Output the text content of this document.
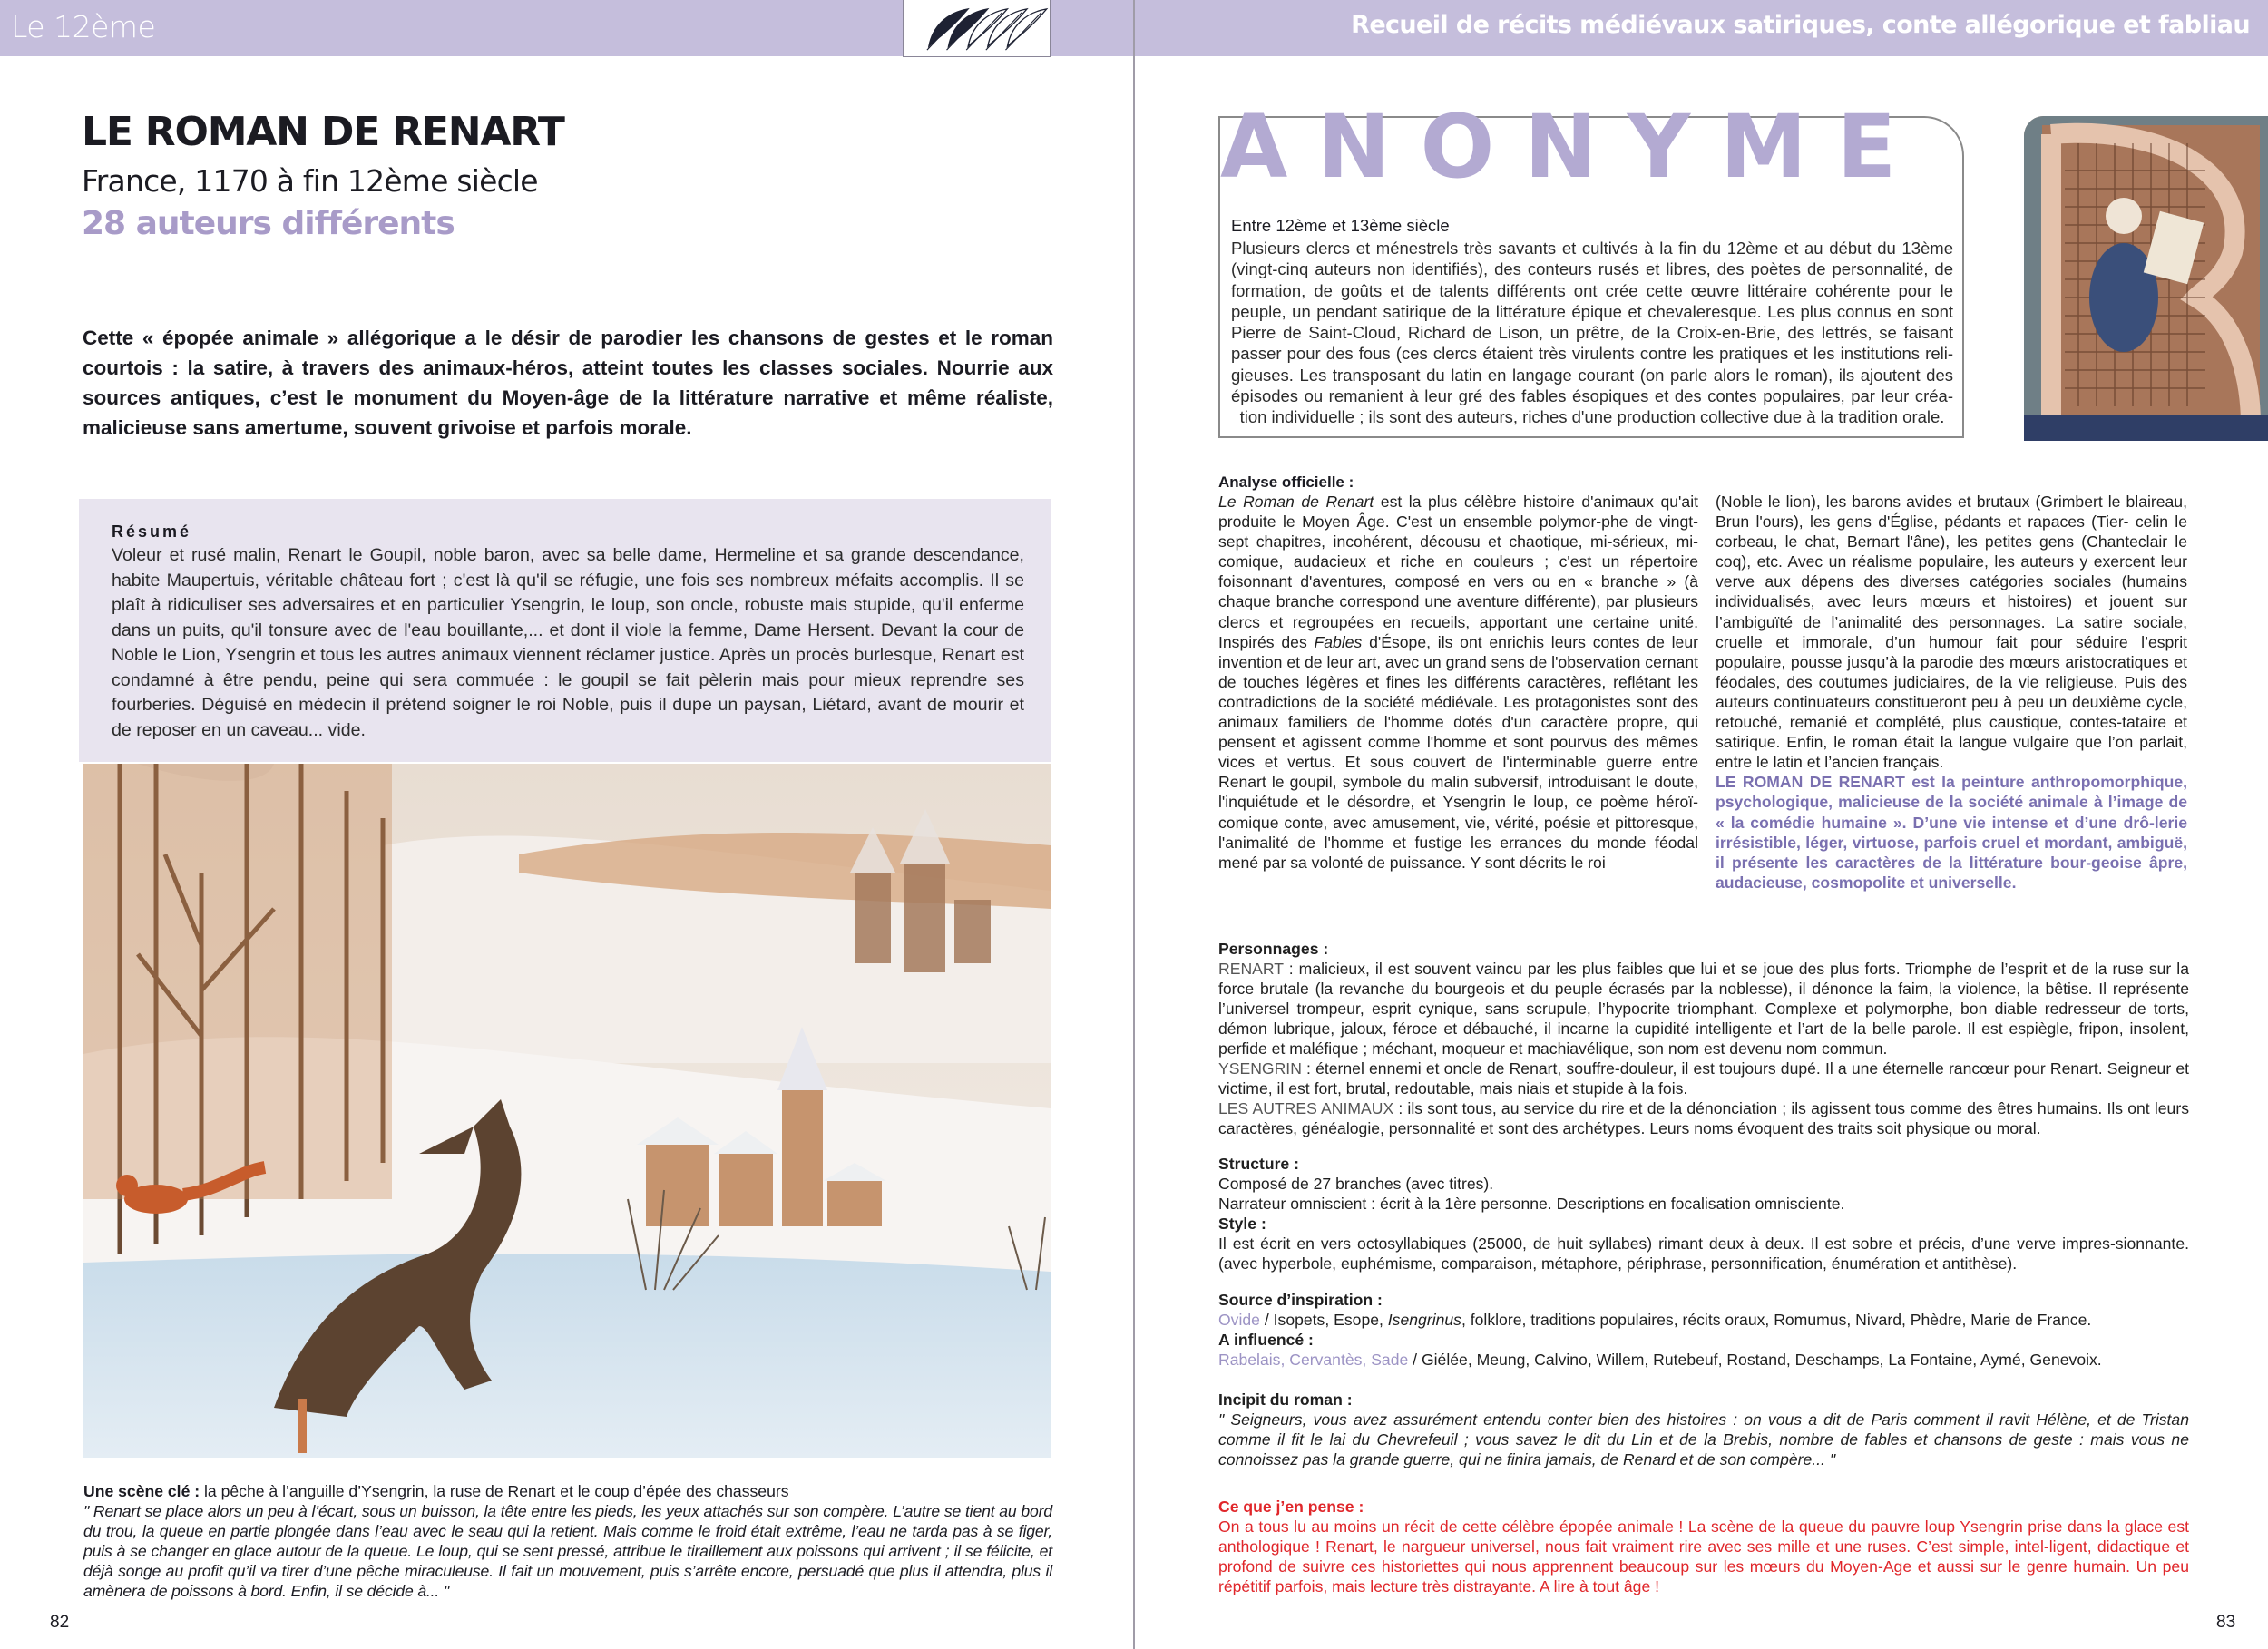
Le 12ème	Recueil de récits médiévaux satiriques, conte allégorique et fabliau
LE ROMAN DE RENART
France, 1170 à fin 12ème siècle
28 auteurs différents

Cette « épopée animale » allégorique a le désir de parodier les chansons de gestes et le roman courtois : la satire, à travers des animaux-héros, atteint toutes les classes sociales. Nourrie aux sources antiques, c’est le monument du Moyen-âge de la littérature narrative et même réaliste, malicieuse sans amertume, souvent grivoise et parfois morale.

Résumé

Voleur et rusé malin, Renart le Goupil, noble baron, avec sa belle dame, Hermeline et sa grande descendance, habite Maupertuis, véritable château fort ; c'est là qu'il se réfugie, une fois ses nombreux méfaits accomplis. Il se plaît à ridiculiser ses adversaires et en particulier Ysengrin, le loup, son oncle, robuste mais stupide, qu'il enferme dans un puits, qu'il tonsure avec de l'eau bouillante,... et dont il viole la femme, Dame Hersent. Devant la cour de Noble le Lion, Ysengrin et tous les autres animaux viennent réclamer justice. Après un procès burlesque, Renart est condamné à être pendu, peine qui sera commuée : le goupil se fait pèlerin mais pour mieux reprendre ses fourberies. Déguisé en médecin il prétend soigner le roi Noble, puis il dupe un paysan, Liétard, avant de mourir et de reposer en un caveau... vide.

Une scène clé : la pêche à l’anguille d’Ysengrin, la ruse de Renart et le coup d’épée des chasseurs
" Renart se place alors un peu à l’écart, sous un buisson, la tête entre les pieds, les yeux attachés sur son compère. L’autre se tient au bord du trou, la queue en partie plongée dans l’eau avec le seau qui la retient. Mais comme le froid était extrême, l’eau ne tarda pas à se figer, puis à se changer en glace autour de la queue. Le loup, qui se sent pressé, attribue le tiraillement aux poissons qui arrivent ; il se félicite, et déjà songe au profit qu’il va tirer d’une pêche miraculeuse. Il fait un mouvement, puis s’arrête encore, persuadé que plus il attendra, plus il amènera de poissons à bord. Enfin, il se décide à... "
82
ANONYME
Entre 12ème et 13ème siècle

Plusieurs clercs et ménestrels très savants et cultivés à la fin du 12ème et au début du 13ème (vingt-cinq auteurs non identifiés), des conteurs rusés et libres, des poètes de personnalité, de formation, de goûts et de talents différents ont crée cette œuvre littéraire cohérente pour le peuple, un pendant satirique de la littérature épique et chevaleresque. Les plus connus en sont Pierre de Saint-Cloud, Richard de Lison, un prêtre, de la Croix-en-Brie, des lettrés, se faisant passer pour des fous (ces clercs étaient très virulents contre les pratiques et les institutions reli-gieuses. Les transposant du latin en langage courant (on parle alors le roman), ils ajoutent des épisodes ou remanient à leur gré des fables ésopiques et des contes populaires, par leur créa-tion individuelle ; ils sont des auteurs, riches d'une production collective due à la tradition orale.

Analyse officielle :

Le Roman de Renart est la plus célèbre histoire d'animaux qu'ait produite le Moyen Âge. C'est un ensemble polymor-phe de vingt-sept chapitres, incohérent, décousu et chaotique, mi-sérieux, mi-comique, audacieux et riche en couleurs ; c'est un répertoire foisonnant d'aventures, composé en vers ou en « branche » (à chaque branche correspond une aventure différente), par plusieurs clercs et regroupées en recueils, apportant une certaine unité. Inspirés des Fables d'Ésope, ils ont enrichis leurs contes de leur invention et de leur art, avec un grand sens de l'observation cernant de touches légères et fines les différents caractères, reflétant les contradictions de la société médiévale. Les protagonistes sont des animaux familiers de l'homme dotés d'un caractère propre, qui pensent et agissent comme l'homme et sont pourvus des mêmes vices et vertus. Et sous couvert de l'interminable guerre entre Renart le goupil, symbole du malin subversif, introduisant le doute, l'inquiétude et le désordre, et Ysengrin le loup, ce poème héroï-comique conte, avec amusement, vie, vérité, poésie et pittoresque, l'animalité de l'homme et fustige les errances du monde féodal mené par sa volonté de puissance. Y sont décrits le roi

(Noble le lion), les barons avides et brutaux (Grimbert le blaireau, Brun l'ours), les gens d'Église, pédants et rapaces (Tier- celin le corbeau, le chat, Bernart l'âne), les petites gens (Chanteclair le coq), etc. Avec un réalisme populaire, les auteurs y exercent leur verve aux dépens des diverses catégories sociales (humains individualisés, avec leurs mœurs et histoires) et jouent sur l’ambiguïté de l’animalité des personnages. La satire sociale, cruelle et immorale, d’un humour fait pour séduire l’esprit populaire, pousse jusqu’à la parodie des mœurs aristocratiques et féodales, des coutumes judiciaires, de la vie religieuse. Puis des auteurs continuateurs constitueront peu à peu un deuxième cycle, retouché, remanié et complété, plus caustique, contes-tataire et satirique. Enfin, le roman était la langue vulgaire que l’on parlait, entre le latin et l’ancien français.
LE ROMAN DE RENART est la peinture anthropomorphique, psychologique, malicieuse de la société animale à l’image de « la comédie humaine ». D’une vie intense et d’une drô-lerie irrésistible, léger, virtuose, parfois cruel et mordant, ambiguë, il présente les caractères de la littérature bour-geoise âpre, audacieuse, cosmopolite et universelle.

Personnages :
RENART : malicieux, il est souvent vaincu par les plus faibles que lui et se joue des plus forts. Triomphe de l’esprit et de la ruse sur la force brutale (la revanche du bourgeois et du peuple écrasés par la noblesse), il dénonce la faim, la violence, la bêtise. Il représente l’universel trompeur, esprit cynique, sans scrupule, l’hypocrite triomphant. Complexe et polymorphe, bon diable redresseur de torts, démon lubrique, jaloux, féroce et débauché, il incarne la cupidité intelligente et l’art de la belle parole. Il est espiègle, fripon, insolent, perfide et maléfique ; méchant, moqueur et machiavélique, son nom est devenu nom commun.
YSENGRIN : éternel ennemi et oncle de Renart, souffre-douleur, il est toujours dupé. Il a une éternelle rancœur pour Renart. Seigneur et victime, il est fort, brutal, redoutable, mais niais et stupide à la fois.
LES AUTRES ANIMAUX : ils sont tous, au service du rire et de la dénonciation ; ils agissent tous comme des êtres humains. Ils ont leurs caractères, généalogie, personnalité et sont des archétypes. Leurs noms évoquent des traits soit physique ou moral.
Structure :
Composé de 27 branches (avec titres).
Narrateur omniscient : écrit à la 1ère personne. Descriptions en focalisation omnisciente.
Style :
Il est écrit en vers octosyllabiques (25000, de huit syllabes) rimant deux à deux. Il est sobre et précis, d’une verve impres-sionnante. (avec hyperbole, euphémisme, comparaison, métaphore, périphrase, personnification, énumération et antithèse).
Source d’inspiration :
Ovide / Isopets, Esope, Isengrinus, folklore, traditions populaires, récits oraux, Romumus, Nivard, Phèdre, Marie de France.
A influencé :
Rabelais, Cervantès, Sade / Giélée, Meung, Calvino, Willem, Rutebeuf, Rostand, Deschamps, La Fontaine, Aymé, Genevoix.
Incipit du roman :
" Seigneurs, vous avez assurément entendu conter bien des histoires : on vous a dit de Paris comment il ravit Hélène, et de Tristan comme il fit le lai du Chevrefeuil ; vous savez le dit du Lin et de la Brebis, nombre de fables et chansons de geste : mais vous ne connoissez pas la grande guerre, qui ne finira jamais, de Renard et de son compère... "
Ce que j’en pense :
On a tous lu au moins un récit de cette célèbre épopée animale ! La scène de la queue du pauvre loup Ysengrin prise dans la glace est anthologique ! Renart, le nargueur universel, nous fait vraiment rire avec ses mille et une ruses. C’est simple, intel-ligent, didactique et profond de suivre ces historiettes qui nous apprennent beaucoup sur les mœurs du Moyen-Age et aussi sur le genre humain. Un peu répétitif parfois, mais lecture très distrayante. A lire à tout âge !
83
